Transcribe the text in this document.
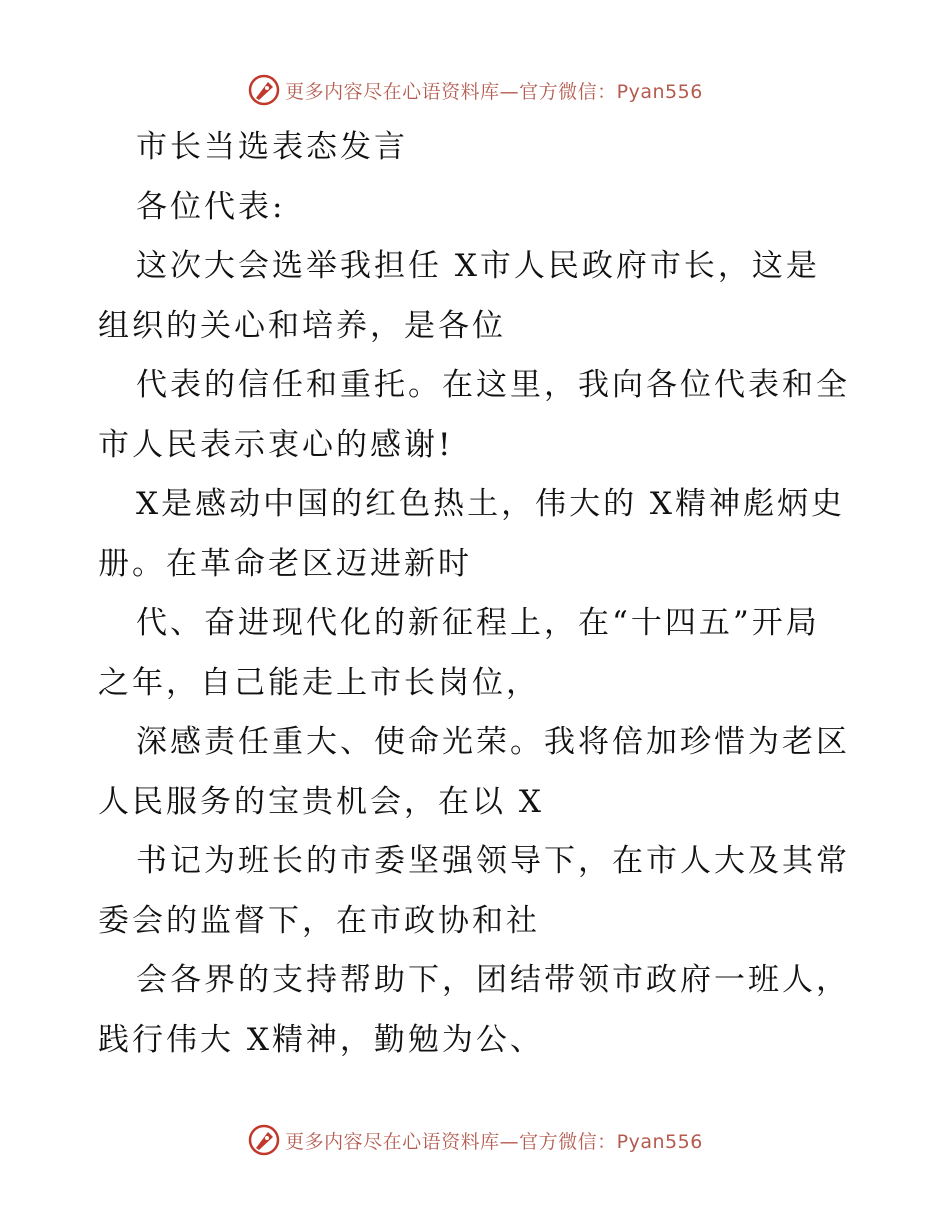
更多内容尽在心语资料库—官方微信：Pyan556
市长当选表态发言
各位代表:
这次大会选举我担任 X市人民政府市长，这是
组织的关心和培养，是各位
代表的信任和重托。在这里，我向各位代表和全
市人民表示衷心的感谢!
X是感动中国的红色热土，伟大的 X精神彪炳史
册。在革命老区迈进新时
代、奋进现代化的新征程上，在“十四五”开局
之年，自己能走上市长岗位，
深感责任重大、使命光荣。我将倍加珍惜为老区
人民服务的宝贵机会，在以 X
书记为班长的市委坚强领导下，在市人大及其常
委会的监督下，在市政协和社
会各界的支持帮助下，团结带领市政府一班人，
践行伟大 X精神，勤勉为公、
更多内容尽在心语资料库—官方微信：Pyan556
